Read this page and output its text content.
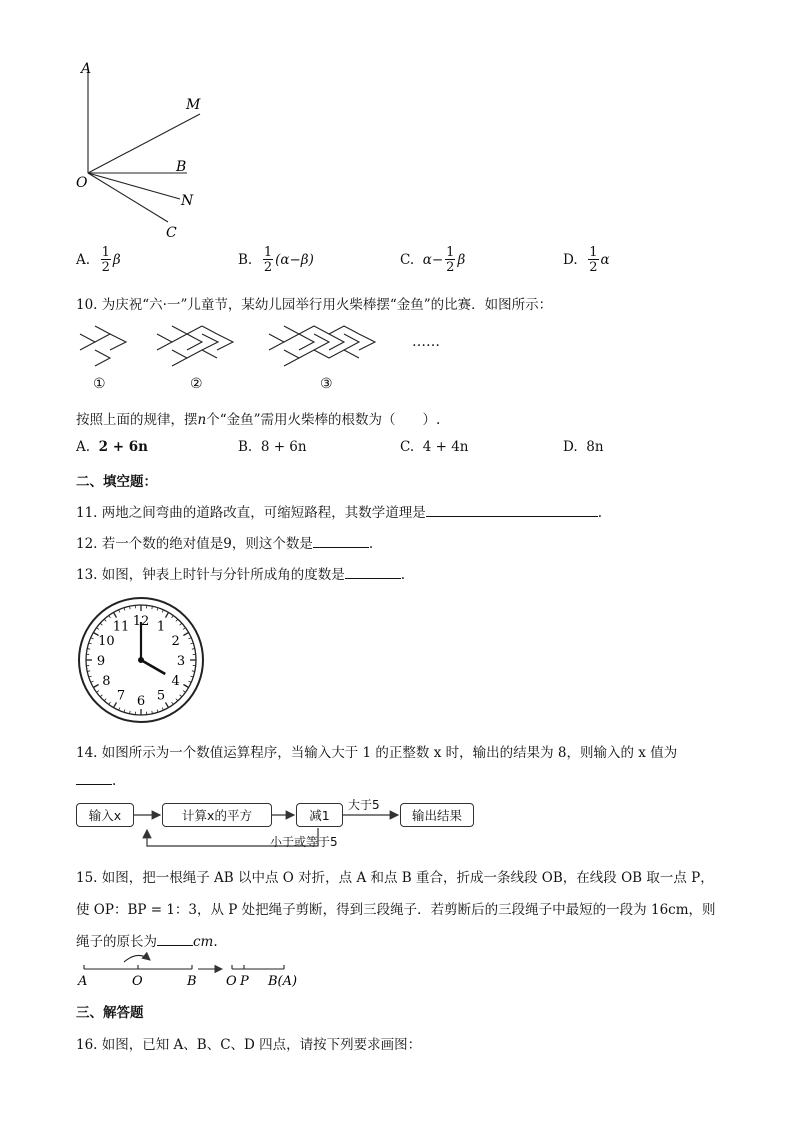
A
M
B
O
N
C
A.
$\frac{1}{2}$ β	B.
$\frac{1}{2} (\alpha-\beta)$	C.
$\alpha- \frac{1}{2}$ β	D.
$\frac{1}{2}$ α
10. 为庆祝“六·一”儿童节，某幼儿园举行用火柴棒摆“金鱼”的比赛．如图所示：
……
①	②	③
按照上面的规律，摆n个“金鱼”需用火柴棒的根数为（　　）.
A.
2 + 6n	B.
8 + 6n	C.
4 + 4n	D.
8n
二、填空题：
11. 两地之间弯曲的道路改直，可缩短路程，其数学道理是	.
12. 若一个数的绝对值是9，则这个数是	.
13. 如图，钟表上时针与分针所成角的度数是	.
12 1
2
3
4
5
6
7
8
9
10
11
14. 如图所示为一个数值运算程序，当输入大于 1 的正整数 x 时，输出的结果为 8，则输入的 x 值为
.
输入x	计算x的平方	减1	输出结果
大于5
小于或等于5
15. 如图，把一根绳子 AB 以中点 O 对折，点 A 和点 B 重合，折成一条线段 OB，在线段 OB 取一点 P，
使 OP：BP = 1：3，从 P 处把绳子剪断，得到三段绳子．若剪断后的三段绳子中最短的一段为 16cm，则
绳子的原长为	cm.
A	O	B O P B(A)
三、解答题
16. 如图，已知 A、B、C、D 四点，请按下列要求画图：
